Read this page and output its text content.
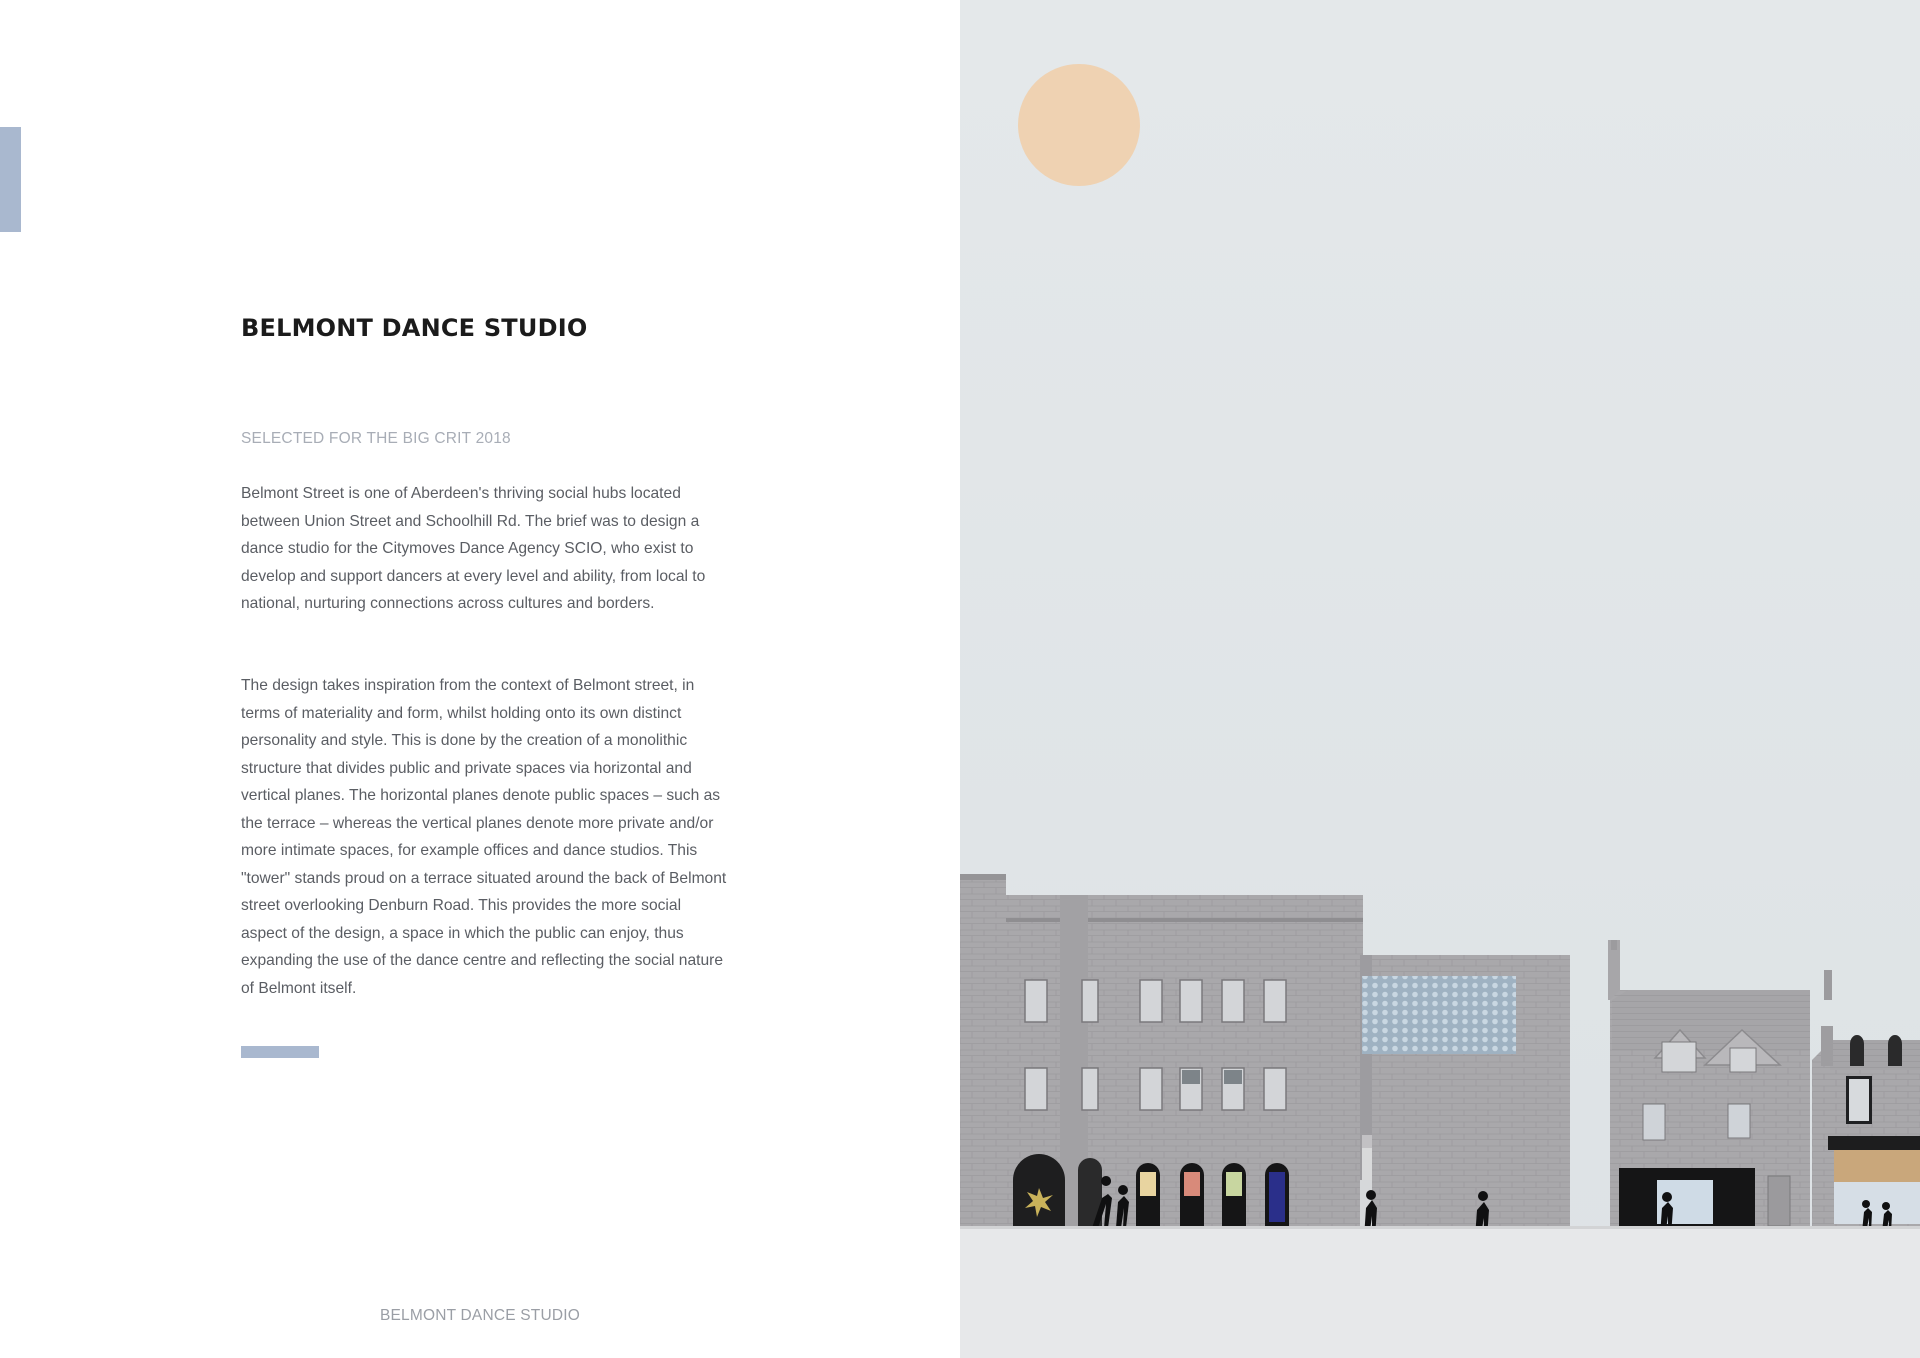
BELMONT DANCE STUDIO

SELECTED FOR THE BIG CRIT 2018

Belmont Street is one of Aberdeen's thriving social hubs located between Union Street and Schoolhill Rd. The brief was to design a dance studio for the Citymoves Dance Agency SCIO, who exist to develop and support dancers at every level and ability, from local to national, nurturing connections across cultures and borders.

The design takes inspiration from the context of Belmont street, in terms of materiality and form, whilst holding onto its own distinct personality and style. This is done by the creation of a monolithic structure that divides public and private spaces via horizontal and vertical planes. The horizontal planes denote public spaces – such as the terrace – whereas the vertical planes denote more private and/or more intimate spaces, for example offices and dance studios. This "tower" stands proud on a terrace situated around the back of Belmont street overlooking Denburn Road. This provides the more social aspect of the design, a space in which the public can enjoy, thus expanding the use of the dance centre and reflecting the social nature of Belmont itself.

BELMONT DANCE STUDIO
